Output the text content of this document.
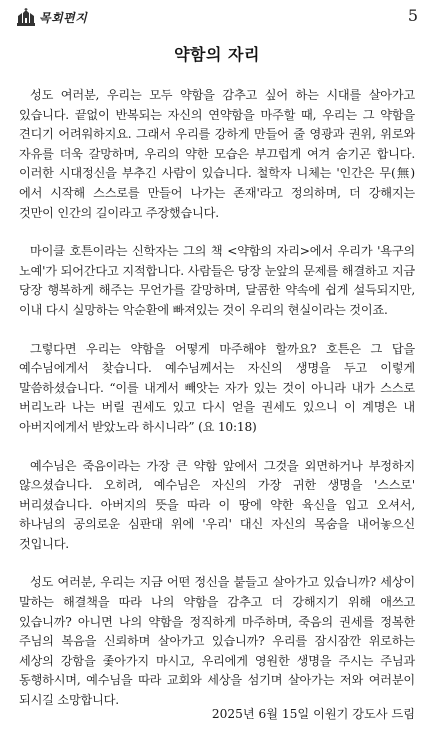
목회편지	5
약함의 자리

성도 여러분, 우리는 모두 약함을 감추고 싶어 하는 시대를 살아가고 있습니다. 끝없이 반복되는 자신의 연약함을 마주할 때, 우리는 그 약함을 견디기 어려워하지요. 그래서 우리를 강하게 만들어 줄 영광과 권위, 위로와 자유를 더욱 갈망하며, 우리의 약한 모습은 부끄럽게 여겨 숨기곤 합니다. 이러한 시대정신을 부추긴 사람이 있습니다. 철학자 니체는 '인간은 무(無)에서 시작해 스스로를 만들어 나가는 존재'라고 정의하며, 더 강해지는 것만이 인간의 길이라고 주장했습니다.

마이클 호튼이라는 신학자는 그의 책 <약함의 자리>에서 우리가 '욕구의 노예'가 되어간다고 지적합니다. 사람들은 당장 눈앞의 문제를 해결하고 지금 당장 행복하게 해주는 무언가를 갈망하며, 달콤한 약속에 쉽게 설득되지만, 이내 다시 실망하는 악순환에 빠져있는 것이 우리의 현실이라는 것이죠.

그렇다면 우리는 약함을 어떻게 마주해야 할까요? 호튼은 그 답을 예수님에게서 찾습니다. 예수님께서는 자신의 생명을 두고 이렇게 말씀하셨습니다. “이를 내게서 빼앗는 자가 있는 것이 아니라 내가 스스로 버리노라 나는 버릴 권세도 있고 다시 얻을 권세도 있으니 이 계명은 내 아버지에게서 받았노라 하시니라” (요 10:18)

예수님은 죽음이라는 가장 큰 약함 앞에서 그것을 외면하거나 부정하지 않으셨습니다. 오히려, 예수님은 자신의 가장 귀한 생명을 '스스로' 버리셨습니다. 아버지의 뜻을 따라 이 땅에 약한 육신을 입고 오셔서, 하나님의 공의로운 심판대 위에 '우리' 대신 자신의 목숨을 내어놓으신 것입니다.

성도 여러분, 우리는 지금 어떤 정신을 붙들고 살아가고 있습니까? 세상이 말하는 해결책을 따라 나의 약함을 감추고 더 강해지기 위해 애쓰고 있습니까? 아니면 나의 약함을 정직하게 마주하며, 죽음의 권세를 정복한 주님의 복음을 신뢰하며 살아가고 있습니까? 우리를 잠시잠깐 위로하는 세상의 강함을 좇아가지 마시고, 우리에게 영원한 생명을 주시는 주님과 동행하시며, 예수님을 따라 교회와 세상을 섬기며 살아가는 저와 여러분이 되시길 소망합니다.

2025년 6월 15일 이원기 강도사 드림
